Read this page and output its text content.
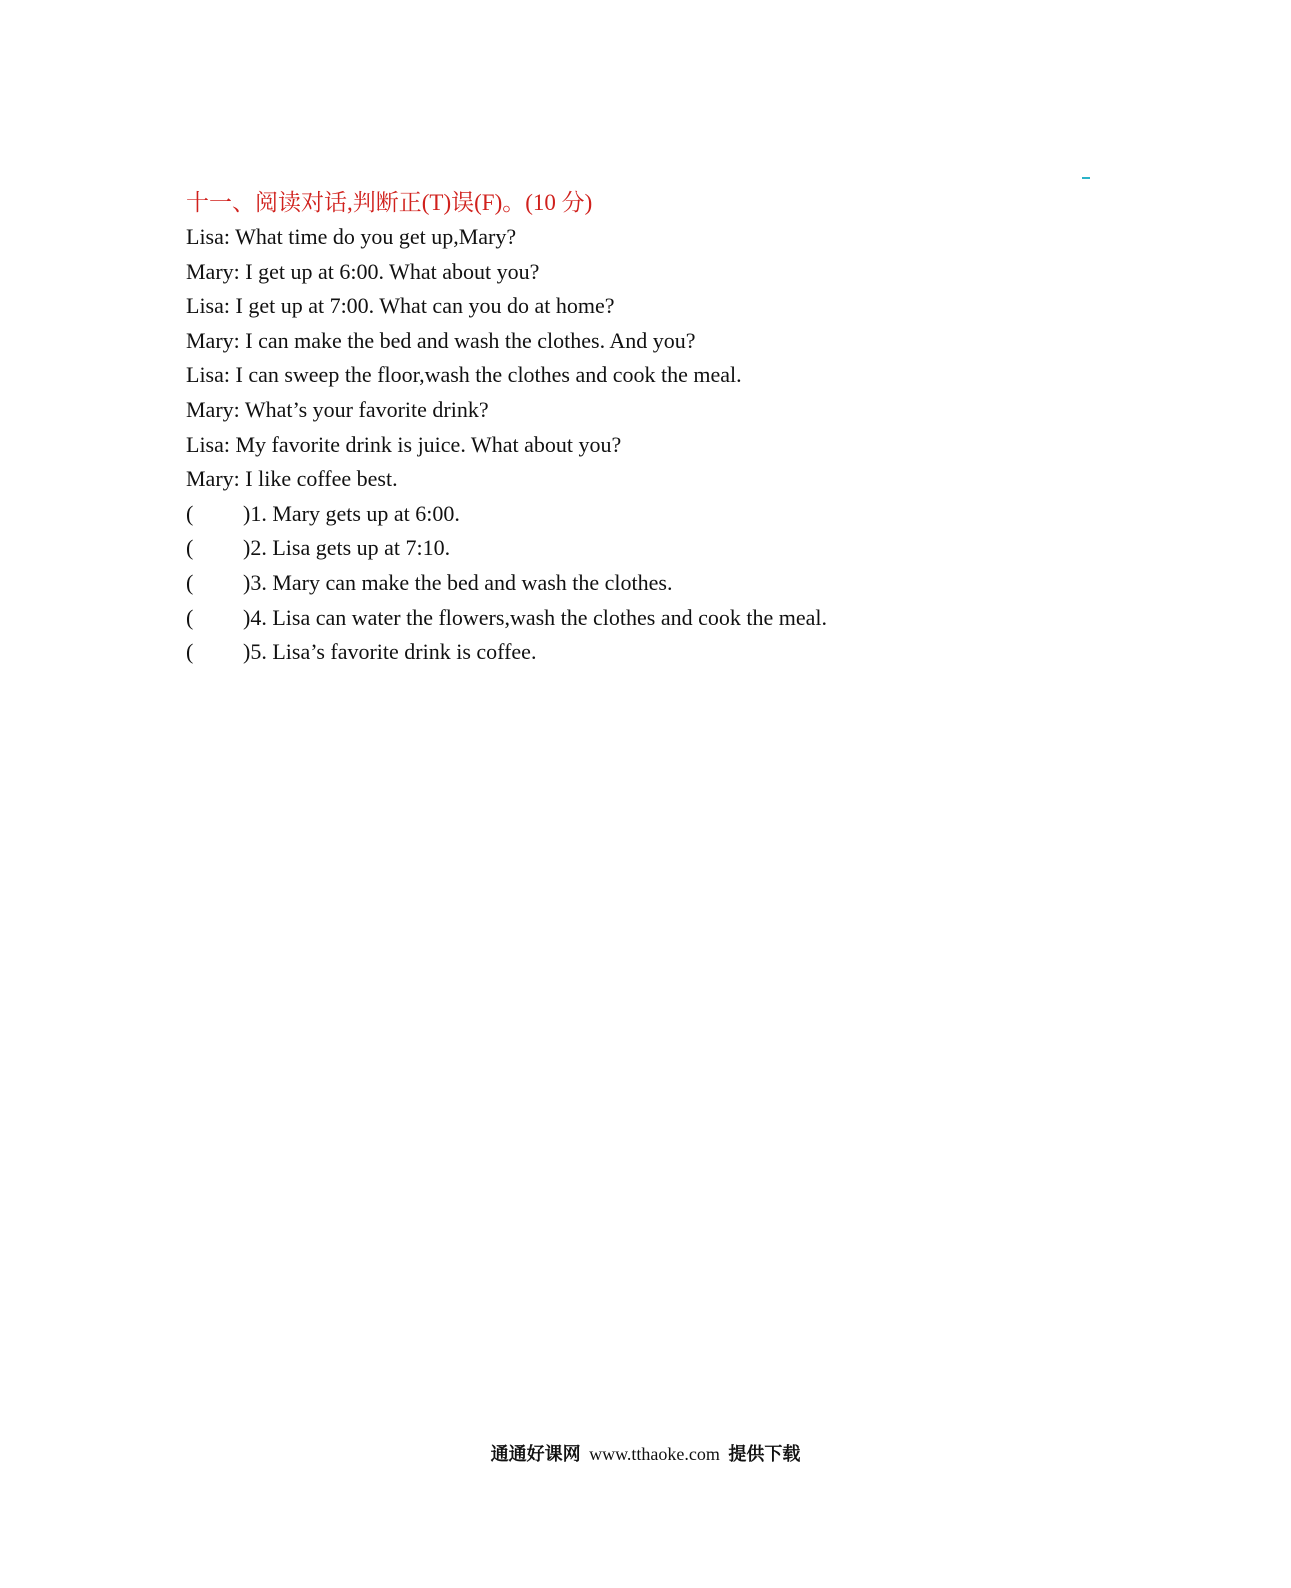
十一、阅读对话,判断正(T)误(F)。(10 分)
Lisa: What time do you get up,Mary?
Mary: I get up at 6:00. What about you?
Lisa: I get up at 7:00. What can you do at home?
Mary: I can make the bed and wash the clothes. And you?
Lisa: I can sweep the floor,wash the clothes and cook the meal.
Mary: What’s your favorite drink?
Lisa: My favorite drink is juice. What about you?
Mary: I like coffee best.
(	)1. Mary gets up at 6:00.
(	)2. Lisa gets up at 7:10.
(	)3. Mary can make the bed and wash the clothes.
(	)4. Lisa can water the flowers,wash the clothes and cook the meal.
(	)5. Lisa’s favorite drink is coffee.
通通好课网 www.tthaoke.com 提供下载
